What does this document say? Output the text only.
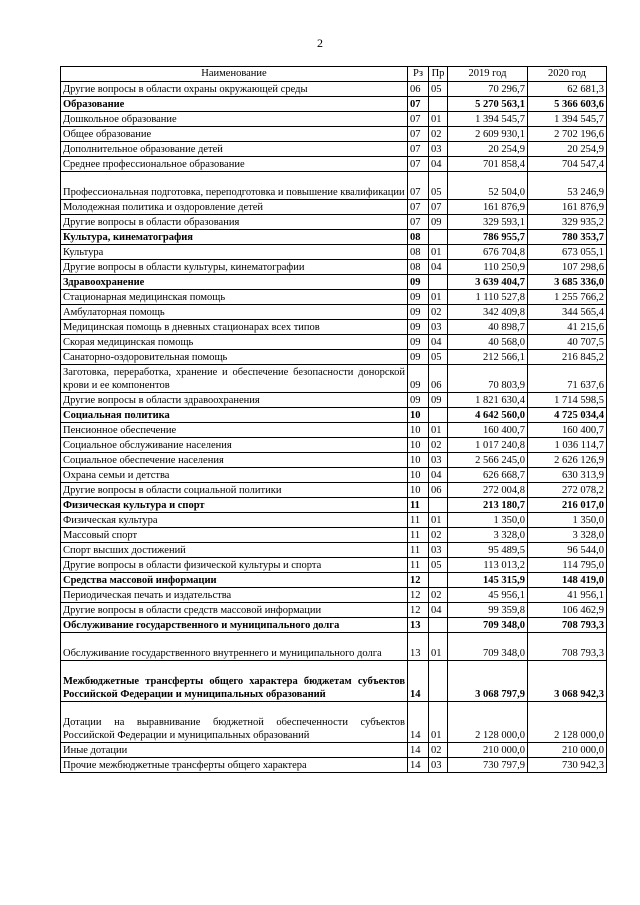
2
Наименование	Рз	Пр	2019 год	2020 год
Другие вопросы в области охраны окружающей среды	06	05	70 296,7	62 681,3
Образование	07		5 270 563,1	5 366 603,6
Дошкольное образование	07	01	1 394 545,7	1 394 545,7
Общее образование	07	02	2 609 930,1	2 702 196,6
Дополнительное образование детей	07	03	20 254,9	20 254,9
Среднее профессиональное образование	07	04	701 858,4	704 547,4
Профессиональная подготовка, переподготовка и повышение квалификации	07	05	52 504,0	53 246,9
Молодежная политика и оздоровление детей	07	07	161 876,9	161 876,9
Другие вопросы в области образования	07	09	329 593,1	329 935,2
Культура, кинематография	08		786 955,7	780 353,7
Культура	08	01	676 704,8	673 055,1
Другие вопросы в области культуры, кинематографии	08	04	110 250,9	107 298,6
Здравоохранение	09		3 639 404,7	3 685 336,0
Стационарная медицинская помощь	09	01	1 110 527,8	1 255 766,2
Амбулаторная помощь	09	02	342 409,8	344 565,4
Медицинская помощь в дневных стационарах всех типов	09	03	40 898,7	41 215,6
Скорая медицинская помощь	09	04	40 568,0	40 707,5
Санаторно-оздоровительная помощь	09	05	212 566,1	216 845,2
Заготовка, переработка, хранение и обеспечение безопасности донорской крови и ее компонентов	09	06	70 803,9	71 637,6
Другие вопросы в области здравоохранения	09	09	1 821 630,4	1 714 598,5
Социальная политика	10		4 642 560,0	4 725 034,4
Пенсионное обеспечение	10	01	160 400,7	160 400,7
Социальное обслуживание населения	10	02	1 017 240,8	1 036 114,7
Социальное обеспечение населения	10	03	2 566 245,0	2 626 126,9
Охрана семьи и детства	10	04	626 668,7	630 313,9
Другие вопросы в области социальной политики	10	06	272 004,8	272 078,2
Физическая культура и спорт	11		213 180,7	216 017,0
Физическая культура	11	01	1 350,0	1 350,0
Массовый спорт	11	02	3 328,0	3 328,0
Спорт высших достижений	11	03	95 489,5	96 544,0
Другие вопросы в области физической культуры и спорта	11	05	113 013,2	114 795,0
Средства массовой информации	12		145 315,9	148 419,0
Периодическая печать и издательства	12	02	45 956,1	41 956,1
Другие вопросы в области средств массовой информации	12	04	99 359,8	106 462,9
Обслуживание государственного и муниципального долга	13		709 348,0	708 793,3
Обслуживание государственного внутреннего и муниципального долга	13	01	709 348,0	708 793,3
Межбюджетные трансферты общего характера бюджетам субъектов Российской Федерации и муниципальных образований	14		3 068 797,9	3 068 942,3
Дотации на выравнивание бюджетной обеспеченности субъектов Российской Федерации и муниципальных образований	14	01	2 128 000,0	2 128 000,0
Иные дотации	14	02	210 000,0	210 000,0
Прочие межбюджетные трансферты общего характера	14	03	730 797,9	730 942,3
